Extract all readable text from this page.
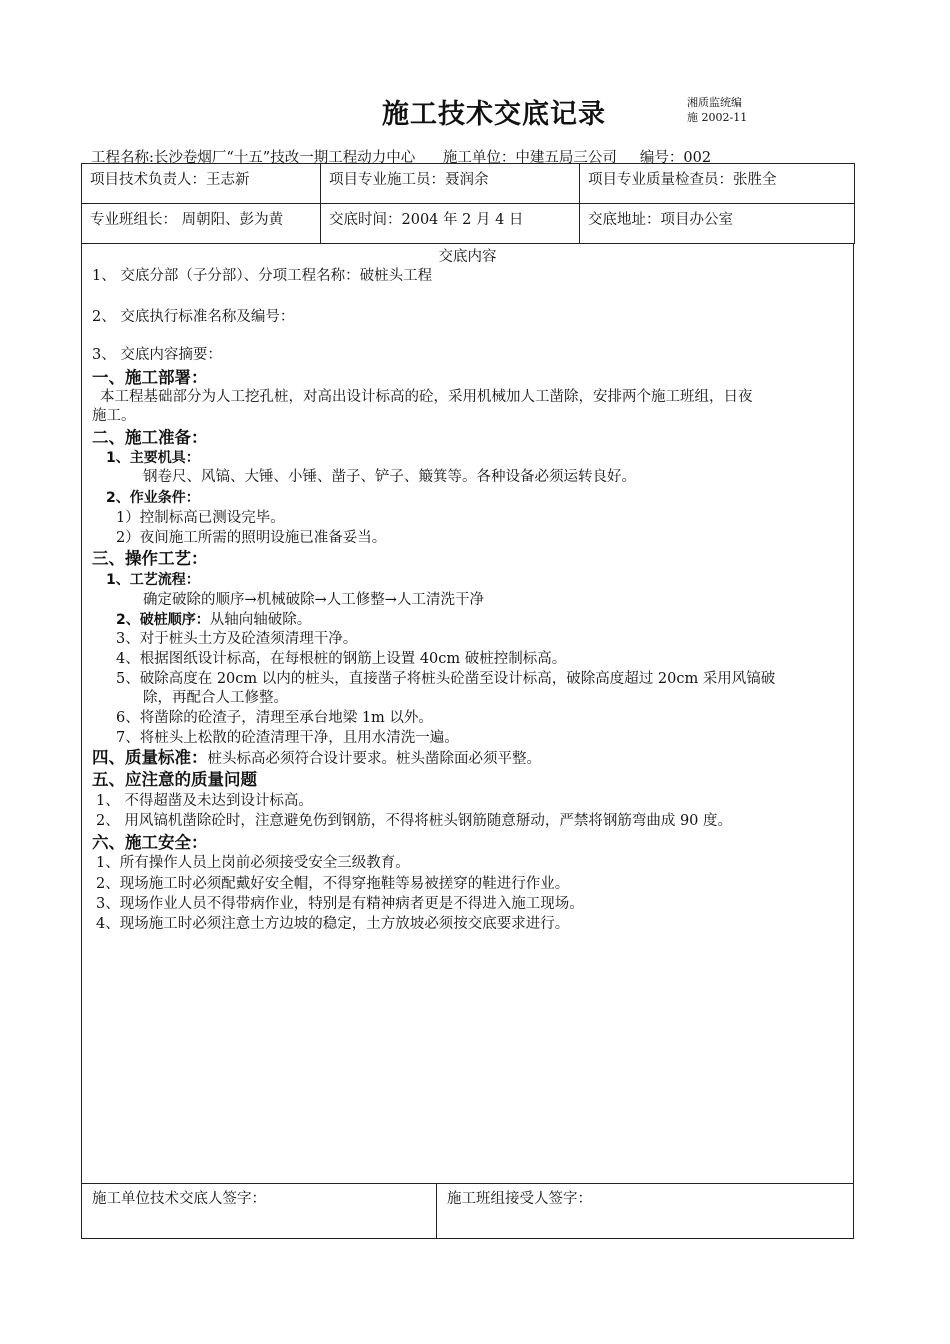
施工技术交底记录	湘质监统编
施 2002-11
工程名称:长沙卷烟厂“十五”技改一期工程动力中心 施工单位：中建五局三公司 编号：002
项目技术负责人：王志新	项目专业施工员：聂润余	项目专业质量检查员：张胜全
专业班组长： 周朝阳、彭为黄	交底时间：2004 年 2 月 4 日	交底地址：项目办公室
交底内容
1、 交底分部（子分部）、分项工程名称：破桩头工程
2、 交底执行标准名称及编号：
3、 交底内容摘要：
一、施工部署：
本工程基础部分为人工挖孔桩，对高出设计标高的砼，采用机械加人工凿除，安排两个施工班组，日夜
施工。
二、施工准备：
1、主要机具：
钢卷尺、风镐、大锤、小锤、凿子、铲子、簸箕等。各种设备必须运转良好。
2、作业条件：
1）控制标高已测设完毕。
2）夜间施工所需的照明设施已准备妥当。
三、操作工艺：
1、工艺流程：
确定破除的顺序→机械破除→人工修整→人工清洗干净
2、破桩顺序：从轴向轴破除。
3、对于桩头土方及砼渣须清理干净。
4、根据图纸设计标高，在每根桩的钢筋上设置 40cm 破桩控制标高。
5、破除高度在 20cm 以内的桩头，直接凿子将桩头砼凿至设计标高，破除高度超过 20cm 采用风镐破
除，再配合人工修整。
6、将凿除的砼渣子，清理至承台地梁 1m 以外。
7、将桩头上松散的砼渣清理干净，且用水清洗一遍。
四、质量标准：桩头标高必须符合设计要求。桩头凿除面必须平整。
五、应注意的质量问题
1、 不得超凿及未达到设计标高。
2、 用风镐机凿除砼时，注意避免伤到钢筋，不得将桩头钢筋随意掰动，严禁将钢筋弯曲成 90 度。
六、施工安全：
1、所有操作人员上岗前必须接受安全三级教育。
2、现场施工时必须配戴好安全帽，不得穿拖鞋等易被搓穿的鞋进行作业。
3、现场作业人员不得带病作业，特别是有精神病者更是不得进入施工现场。
4、现场施工时必须注意土方边坡的稳定，土方放坡必须按交底要求进行。
施工单位技术交底人签字：	施工班组接受人签字：
